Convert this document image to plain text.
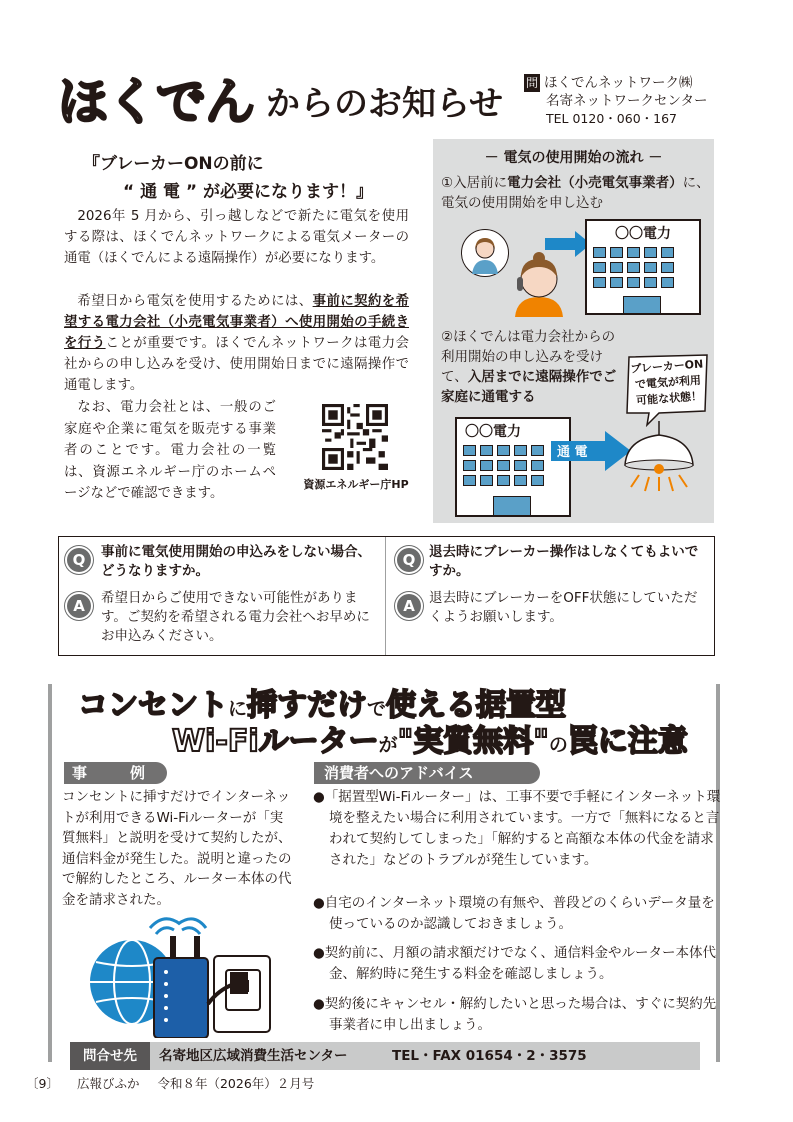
ほくでん からのお知らせ
問 ほくでんネットワーク㈱
名寄ネットワークセンター
TEL 0120・060・167
『ブレーカーONの前に
“ 通 電 ” が必要になります！』
2026年 5 月から、引っ越しなどで新たに電気を使用する際は、ほくでんネットワークによる電気メーターの通電（ほくでんによる遠隔操作）が必要になります。
希望日から電気を使用するためには、事前に契約を希望する電力会社（小売電気事業者）へ使用開始の手続きを行うことが重要です。ほくでんネットワークは電力会社からの申し込みを受け、使用開始日までに遠隔操作で通電します。
なお、電力会社とは、一般のご家庭や企業に電気を販売する事業者のことです。電力会社の一覧は、資源エネルギー庁のホームページなどで確認できます。
資源エネルギー庁HP
－ 電気の使用開始の流れ －
①入居前に電力会社（小売電気事業者）に、電気の使用開始を申し込む
〇〇電力

②ほくでんは電力会社からの利用開始の申し込みを受けて、入居までに遠隔操作でご家庭に通電する
ブレーカーON で電気が利用 可能な状態！
〇〇電力

通 電
Q	事前に電気使用開始の申込みをしない場合、どうなりますか。
A	希望日からご使用できない可能性があります。ご契約を希望される電力会社へお早めにお申込みください。
Q	退去時にブレーカー操作はしなくてもよいですか。
A	退去時にブレーカーをOFF状態にしていただくようお願いします。
コンセントに挿すだけで使える据置型
Wi-Fiルーターが"実質無料"の罠に注意
事　例
コンセントに挿すだけでインターネットが利用できるWi-Fiルーターが「実質無料」と説明を受けて契約したが、通信料金が発生した。説明と違ったので解約したところ、ルーター本体の代金を請求された。
消費者へのアドバイス
●「据置型Wi-Fiルーター」は、工事不要で手軽にインターネット環境を整えたい場合に利用されています。一方で「無料になると言われて契約してしまった」「解約すると高額な本体の代金を請求された」などのトラブルが発生しています。
●自宅のインターネット環境の有無や、普段どのくらいデータ量を使っているのか認識しておきましょう。
●契約前に、月額の請求額だけでなく、通信料金やルーター本体代金、解約時に発生する料金を確認しましょう。
●契約後にキャンセル・解約したいと思った場合は、すぐに契約先事業者に申し出ましょう。
問合せ先	名寄地区広域消費生活センター	TEL・FAX 01654・2・3575
〔9〕 広報びふか 令和８年（2026年）２月号
